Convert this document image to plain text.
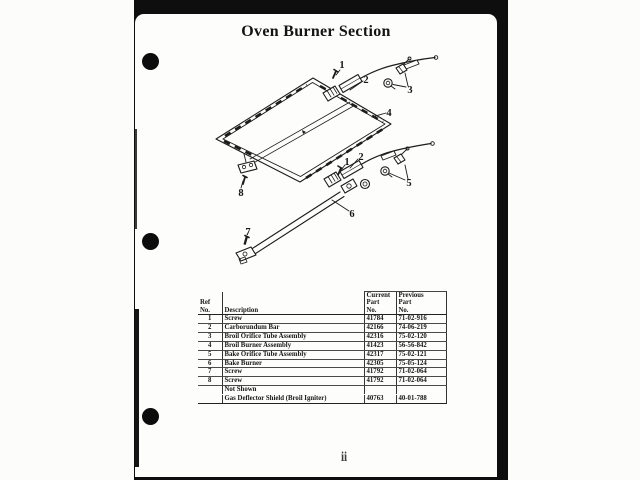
Oven Burner Section
1
2
3
4
1 2
5
6
7
8
Ref
No.	Description

Current
Part
No.

Previous
Part
No.

1	Screw	41784	71-02-916
2	Carborundum Bar	42166	74-06-219
3	Broil Orifice Tube Assembly	42316	75-02-120
4	Broil Burner Assembly	41423	56-56-842
5	Bake Orifice Tube Assembly	42317	75-02-121
6	Bake Burner	42305	75-05-124
7	Screw	41792	71-02-064
8	Screw	41792	71-02-064
	Not Shown		
	Gas Deflector Shield (Broil Igniter)	40763	40-01-788
ii
